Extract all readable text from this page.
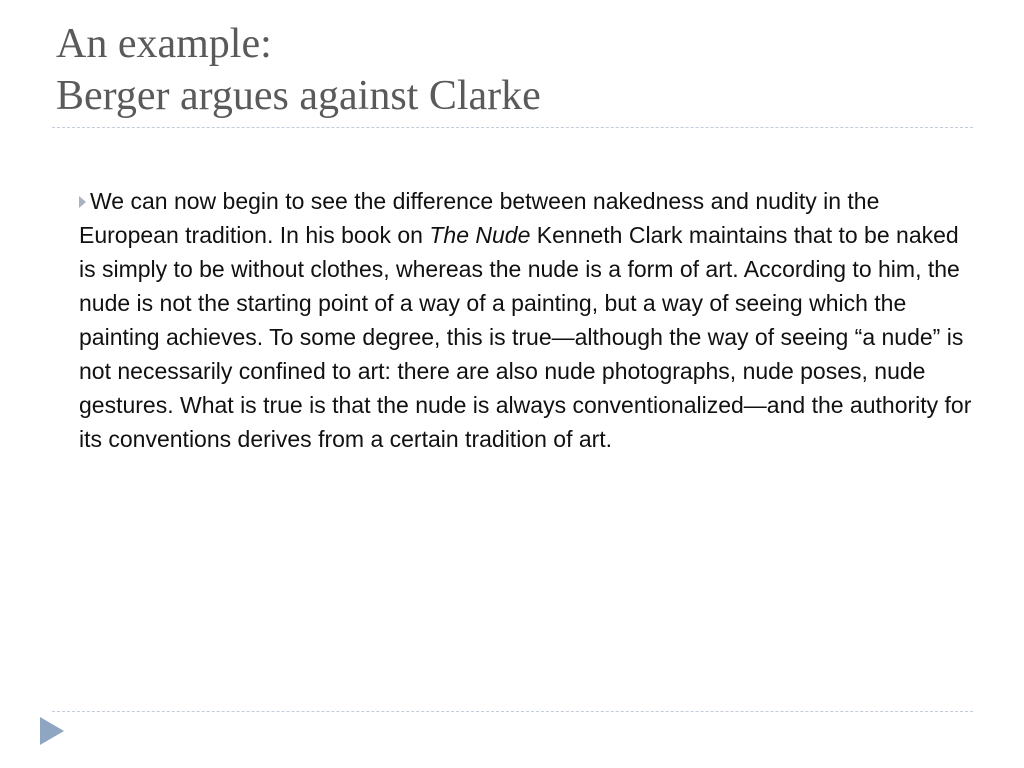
An example:
Berger argues against Clarke

We can now begin to see the difference between nakedness and nudity in the European tradition. In his book on The Nude Kenneth Clark maintains that to be naked is simply to be without clothes, whereas the nude is a form of art. According to him, the nude is not the starting point of a way of a painting, but a way of seeing which the painting achieves. To some degree, this is true—although the way of seeing “a nude” is not necessarily confined to art: there are also nude photographs, nude poses, nude gestures. What is true is that the nude is always conventionalized—and the authority for its conventions derives from a certain tradition of art.
